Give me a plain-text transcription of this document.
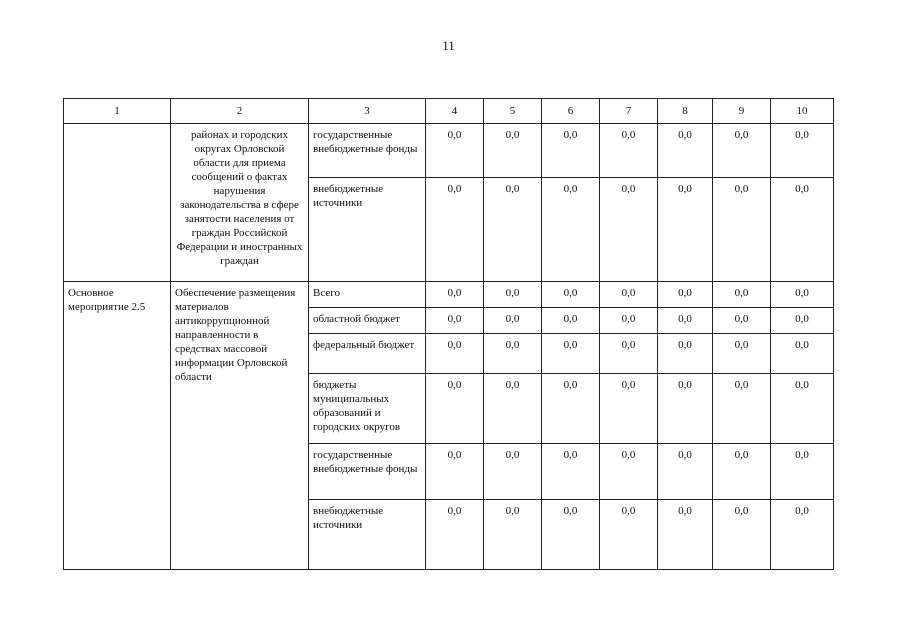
11
1	2	3	4	5	6	7	8	9	10
	районах и городских округах Орловской области для приема сообщений о фактах нарушения законодательства в сфере занятости населения от граждан Российской Федерации и иностранных граждан	государственные внебюджетные фонды	0,0	0,0	0,0	0,0	0,0	0,0	0,0
		внебюджетные источники	0,0	0,0	0,0	0,0	0,0	0,0	0,0
Основное мероприятие 2.5	Обеспечение размещения материалов антикоррупционной направленности в средствах массовой информации Орловской области	Всего	0,0	0,0	0,0	0,0	0,0	0,0	0,0
		областной бюджет	0,0	0,0	0,0	0,0	0,0	0,0	0,0
		федеральный бюджет	0,0	0,0	0,0	0,0	0,0	0,0	0,0
		бюджеты муниципальных образований и городских округов	0,0	0,0	0,0	0,0	0,0	0,0	0,0
		государственные внебюджетные фонды	0,0	0,0	0,0	0,0	0,0	0,0	0,0
		внебюджетные источники	0,0	0,0	0,0	0,0	0,0	0,0	0,0
